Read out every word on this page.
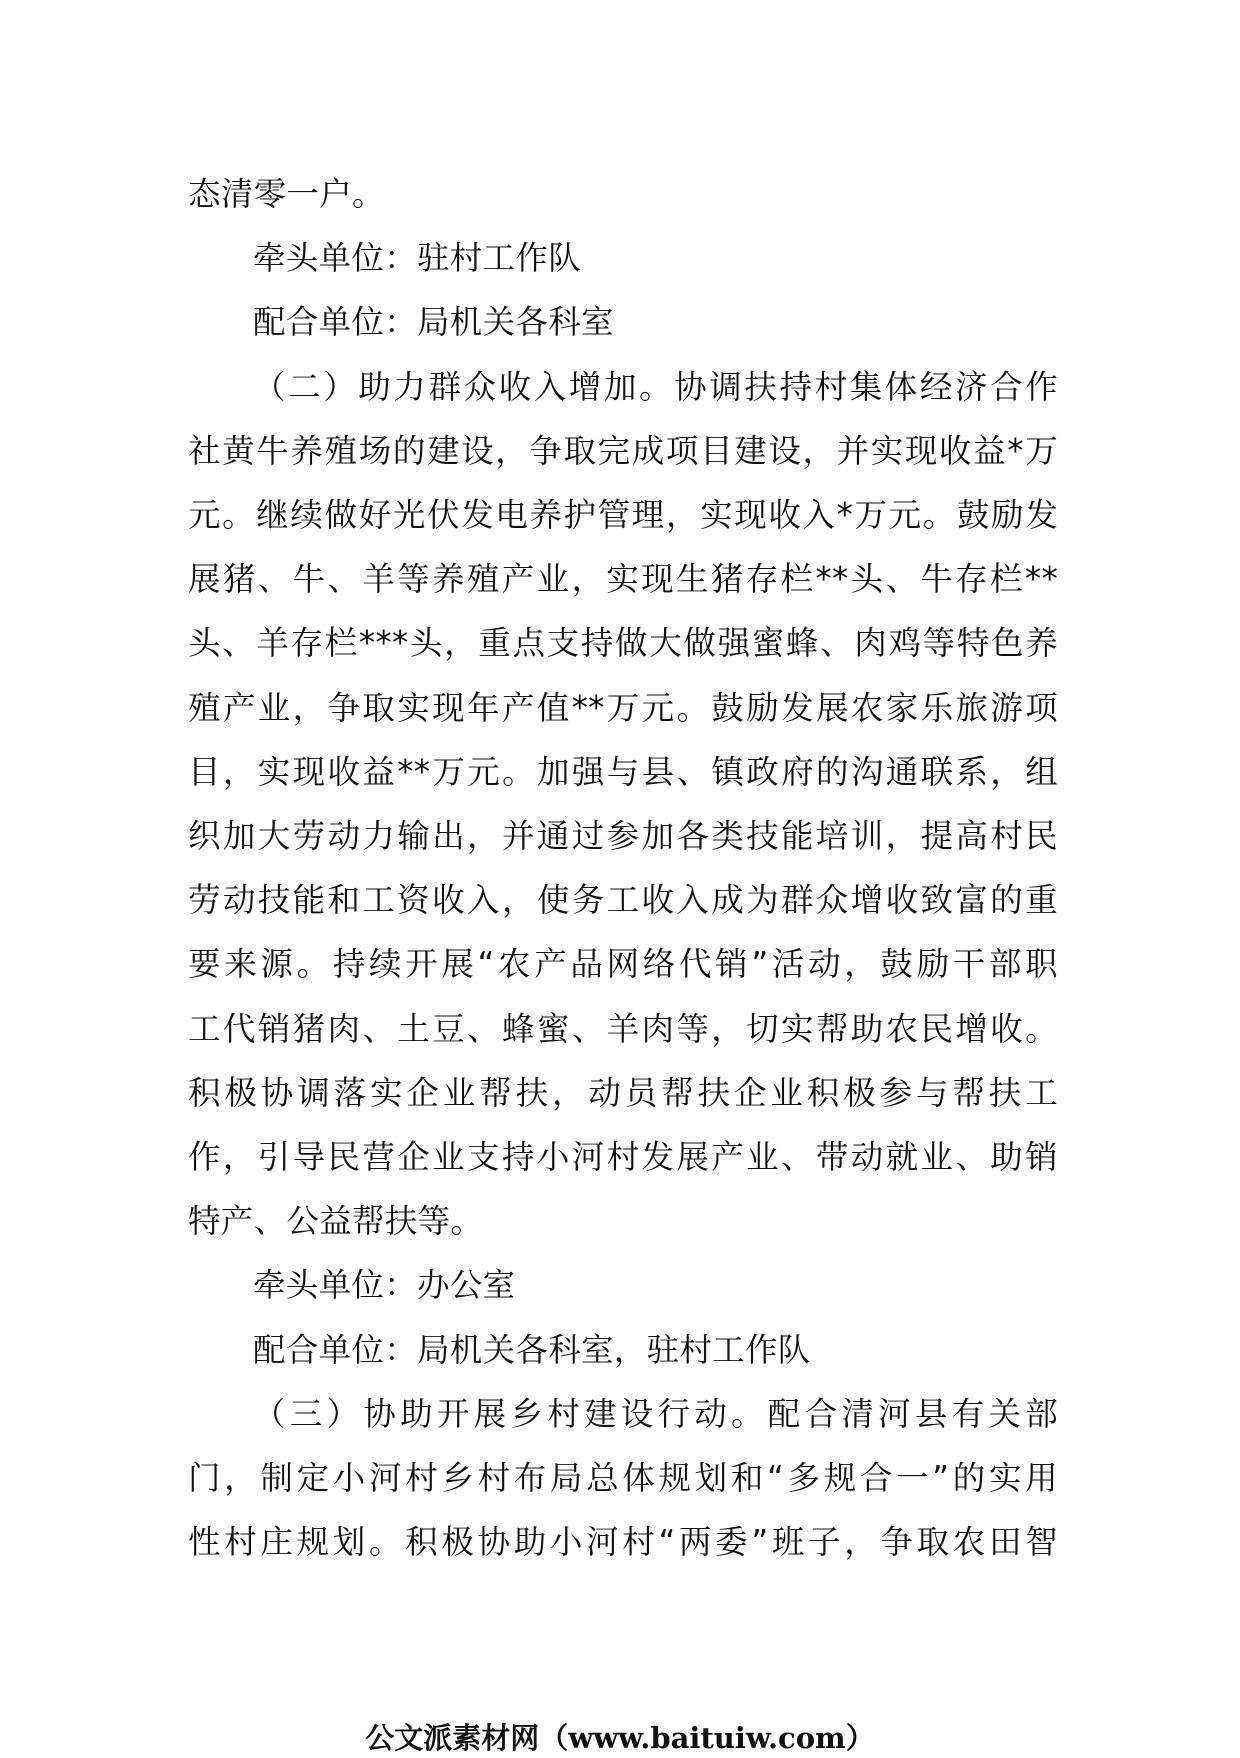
态清零一户。

牵头单位：驻村工作队

配合单位：局机关各科室

（二）助力群众收入增加。协调扶持村集体经济合作
社黄牛养殖场的建设，争取完成项目建设，并实现收益*万
元。继续做好光伏发电养护管理，实现收入*万元。鼓励发
展猪、牛、羊等养殖产业，实现生猪存栏**头、牛存栏**
头、羊存栏***头，重点支持做大做强蜜蜂、肉鸡等特色养
殖产业，争取实现年产值**万元。鼓励发展农家乐旅游项
目，实现收益**万元。加强与县、镇政府的沟通联系，组
织加大劳动力输出，并通过参加各类技能培训，提高村民
劳动技能和工资收入，使务工收入成为群众增收致富的重
要来源。持续开展“农产品网络代销”活动，鼓励干部职
工代销猪肉、土豆、蜂蜜、羊肉等，切实帮助农民增收。
积极协调落实企业帮扶，动员帮扶企业积极参与帮扶工
作，引导民营企业支持小河村发展产业、带动就业、助销
特产、公益帮扶等。

牵头单位：办公室

配合单位：局机关各科室，驻村工作队

（三）协助开展乡村建设行动。配合清河县有关部
门，制定小河村乡村布局总体规划和“多规合一”的实用
性村庄规划。积极协助小河村“两委”班子，争取农田智

公文派素材网（www.baituiw.com）
